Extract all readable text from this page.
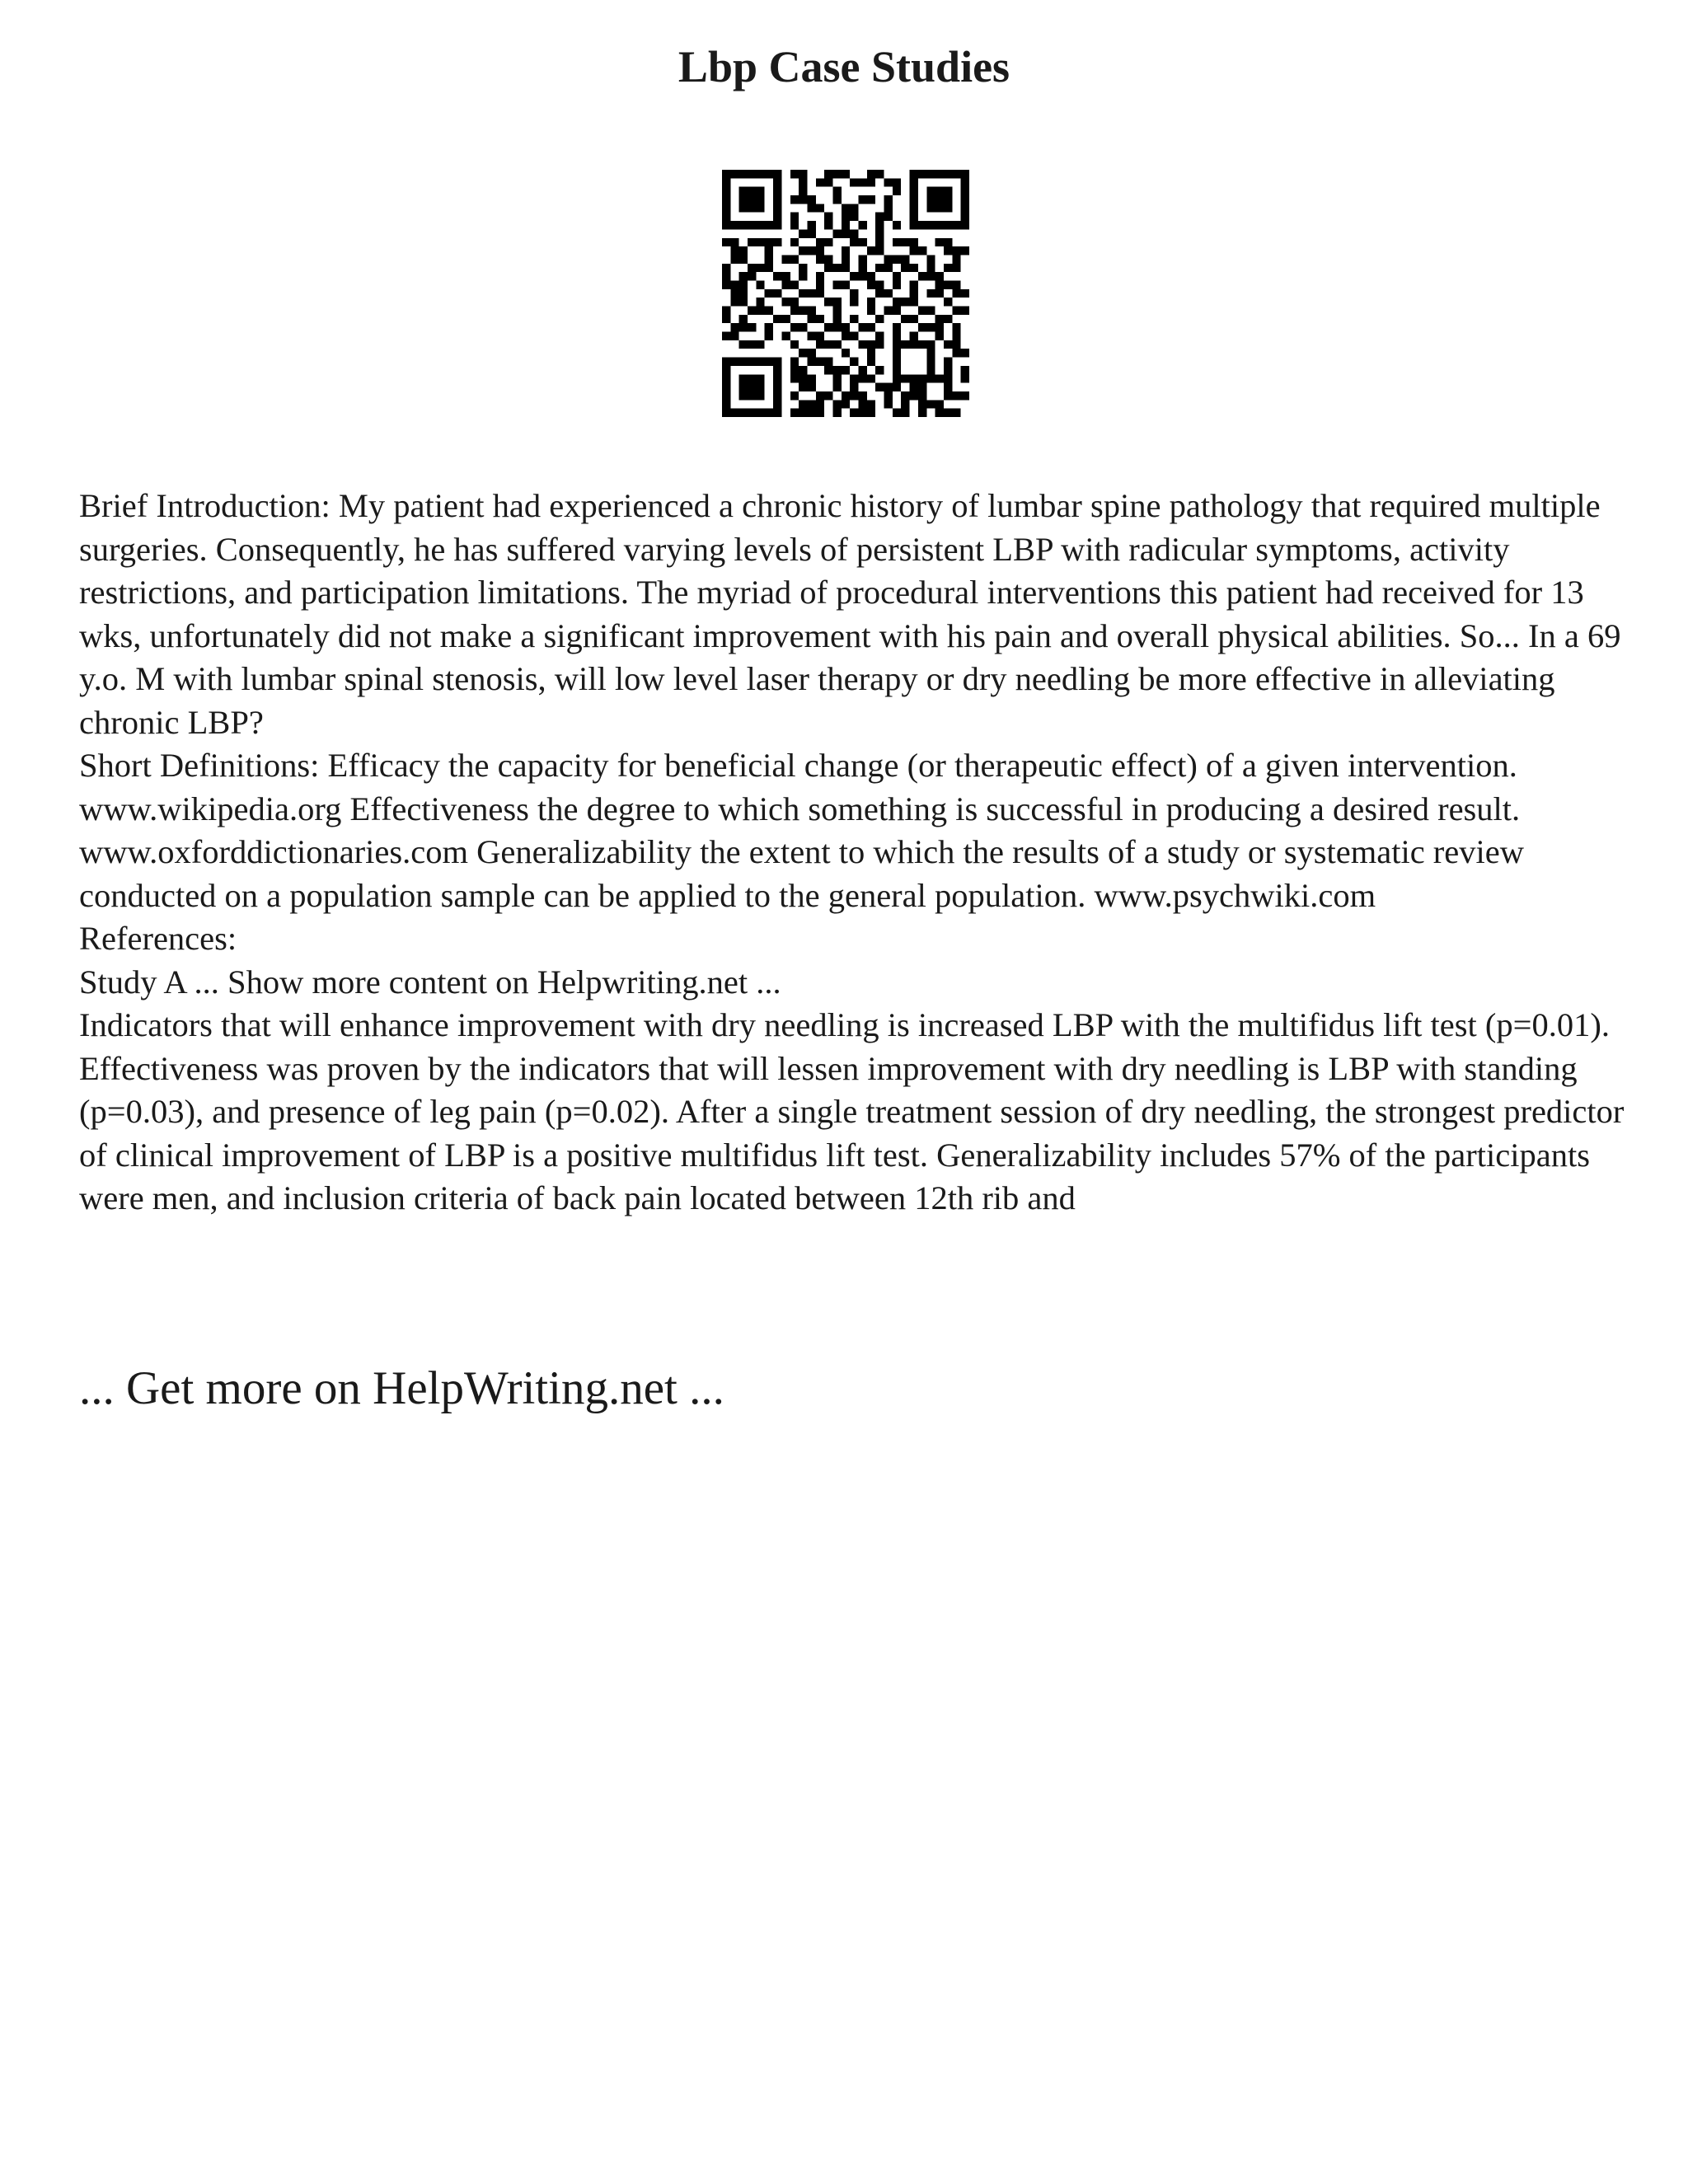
Lbp Case Studies

Brief Introduction: My patient had experienced a chronic history of lumbar spine pathology that required multiple surgeries. Consequently, he has suffered varying levels of persistent LBP with radicular symptoms, activity restrictions, and participation limitations. The myriad of procedural interventions this patient had received for 13 wks, unfortunately did not make a significant improvement with his pain and overall physical abilities. So... In a 69 y.o. M with lumbar spinal stenosis, will low level laser therapy or dry needling be more effective in alleviating chronic LBP?

Short Definitions: Efficacy the capacity for beneficial change (or therapeutic effect) of a given intervention. www.wikipedia.org Effectiveness the degree to which something is successful in producing a desired result. www.oxforddictionaries.com Generalizability the extent to which the results of a study or systematic review conducted on a population sample can be applied to the general population. www.psychwiki.com

References:

Study A ... Show more content on Helpwriting.net ...

Indicators that will enhance improvement with dry needling is increased LBP with the multifidus lift test (p=0.01). Effectiveness was proven by the indicators that will lessen improvement with dry needling is LBP with standing (p=0.03), and presence of leg pain (p=0.02). After a single treatment session of dry needling, the strongest predictor of clinical improvement of LBP is a positive multifidus lift test. Generalizability includes 57% of the participants were men, and inclusion criteria of back pain located between 12th rib and

... Get more on HelpWriting.net ...
